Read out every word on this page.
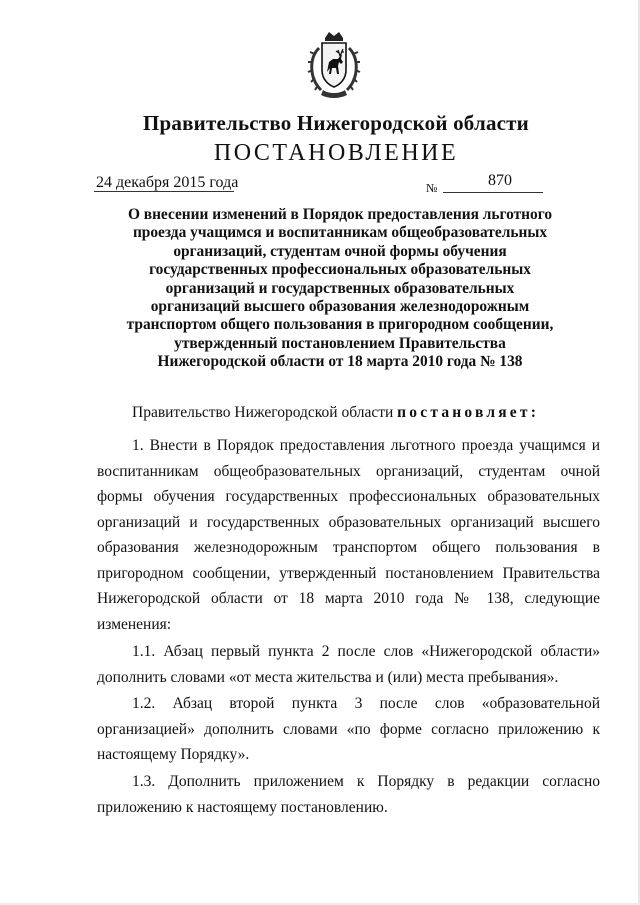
Правительство Нижегородской области
ПОСТАНОВЛЕНИЕ
24 декабря 2015 года	№	870
О внесении изменений в Порядок предоставления льготного
проезда учащимся и воспитанникам общеобразовательных
организаций, студентам очной формы обучения
государственных профессиональных образовательных
организаций и государственных образовательных
организаций высшего образования железнодорожным
транспортом общего пользования в пригородном сообщении,
утвержденный постановлением Правительства
Нижегородской области от 18 марта 2010 года № 138
Правительство Нижегородской области постановляет:
1. Внести в Порядок предоставления льготного проезда учащимся и воспитанникам общеобразовательных организаций, студентам очной формы обучения государственных профессиональных образовательных организаций и государственных образовательных организаций высшего образования железнодорожным транспортом общего пользования в пригородном сообщении, утвержденный постановлением Правительства Нижегородской области от 18 марта 2010 года № 138, следующие изменения:
1.1. Абзац первый пункта 2 после слов «Нижегородской области» дополнить словами «от места жительства и (или) места пребывания».
1.2. Абзац второй пункта 3 после слов «образовательной организацией» дополнить словами «по форме согласно приложению к настоящему Порядку».
1.3. Дополнить приложением к Порядку в редакции согласно приложению к настоящему постановлению.
